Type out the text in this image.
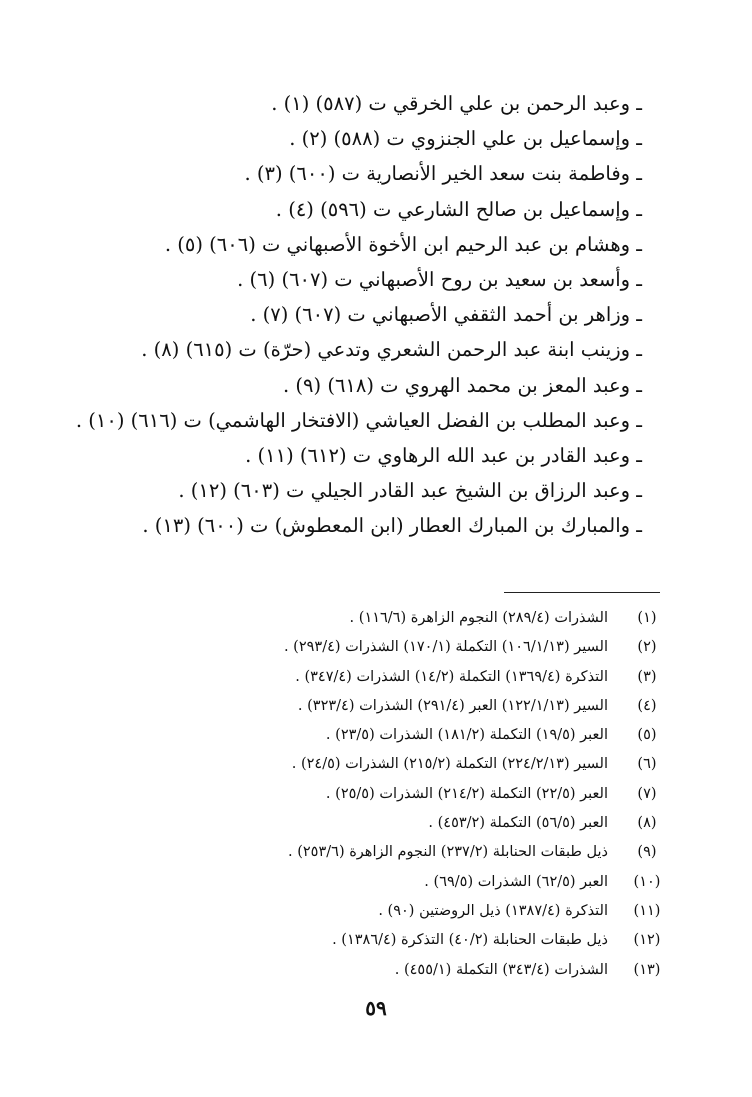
ـ وعبد الرحمن بن علي الخرقي ت (٥٨٧) (١) .
ـ وإسماعيل بن علي الجنزوي ت (٥٨٨) (٢) .
ـ وفاطمة بنت سعد الخير الأنصارية ت (٦٠٠) (٣) .
ـ وإسماعيل بن صالح الشارعي ت (٥٩٦) (٤) .
ـ وهشام بن عبد الرحيم ابن الأخوة الأصبهاني ت (٦٠٦) (٥) .
ـ وأسعد بن سعيد بن روح الأصبهاني ت (٦٠٧) (٦) .
ـ وزاهر بن أحمد الثقفي الأصبهاني ت (٦٠٧) (٧) .
ـ وزينب ابنة عبد الرحمن الشعري وتدعي (حرّة) ت (٦١٥) (٨) .
ـ وعبد المعز بن محمد الهروي ت (٦١٨) (٩) .
ـ وعبد المطلب بن الفضل العياشي (الافتخار الهاشمي) ت (٦١٦) (١٠) .
ـ وعبد القادر بن عبد الله الرهاوي ت (٦١٢) (١١) .
ـ وعبد الرزاق بن الشيخ عبد القادر الجيلي ت (٦٠٣) (١٢) .
ـ والمبارك بن المبارك العطار (ابن المعطوش) ت (٦٠٠) (١٣) .
(١)
الشذرات (٢٨٩/٤) النجوم الزاهرة (١١٦/٦) .
(٢)
السير (١٠٦/١/١٣) التكملة (١٧٠/١) الشذرات (٢٩٣/٤) .
(٣)
التذكرة (١٣٦٩/٤) التكملة (١٤/٢) الشذرات (٣٤٧/٤) .
(٤)
السير (١٢٢/١/١٣) العبر (٢٩١/٤) الشذرات (٣٢٣/٤) .
(٥)
العبر (١٩/٥) التكملة (١٨١/٢) الشذرات (٢٣/٥) .
(٦)
السير (٢٢٤/٢/١٣) التكملة (٢١٥/٢) الشذرات (٢٤/٥) .
(٧)
العبر (٢٢/٥) التكملة (٢١٤/٢) الشذرات (٢٥/٥) .
(٨)
العبر (٥٦/٥) التكملة (٤٥٣/٢) .
(٩)
ذيل طبقات الحنابلة (٢٣٧/٢) النجوم الزاهرة (٢٥٣/٦) .
(١٠)
العبر (٦٢/٥) الشذرات (٦٩/٥) .
(١١)
التذكرة (١٣٨٧/٤) ذيل الروضتين (٩٠) .
(١٢)
ذيل طبقات الحنابلة (٤٠/٢) التذكرة (١٣٨٦/٤) .
(١٣)
الشذرات (٣٤٣/٤) التكملة (٤٥٥/١) .
٥٩
